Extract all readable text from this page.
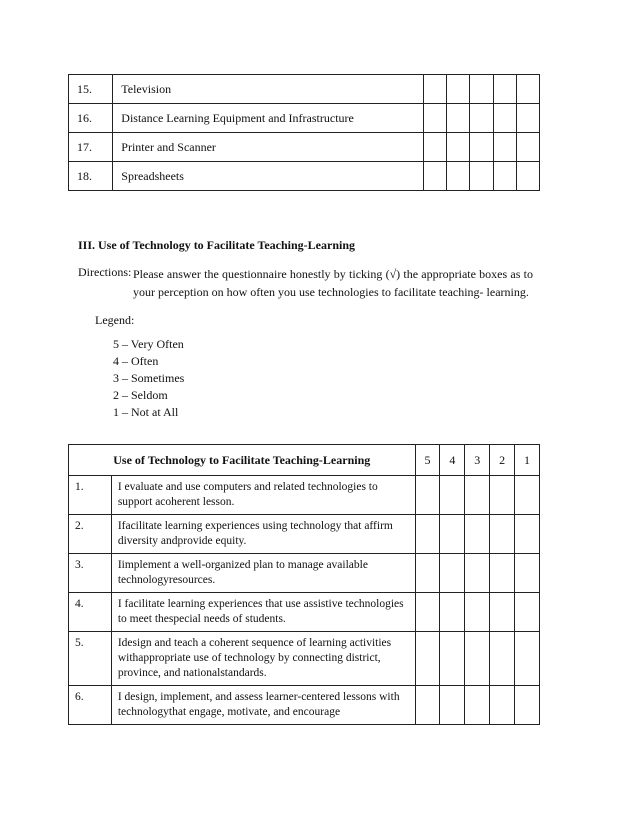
15.	Television					
16.	Distance Learning Equipment and Infrastructure					
17.	Printer and Scanner					
18.	Spreadsheets					
III. Use of Technology to Facilitate Teaching-Learning
Directions: Please answer the questionnaire honestly by ticking (√) the appropriate boxes as to your perception on how often you use technologies to facilitate teaching- learning.
Legend:
5 – Very Often
4 – Often
3 – Sometimes
2 – Seldom
1 – Not at All
Use of Technology to Facilitate Teaching-Learning		5	4	3	2	1
1.	I evaluate and use computers and related technologies to support acoherent lesson.					
2.	Ifacilitate learning experiences using technology that affirm diversity andprovide equity.					
3.	Iimplement a well-organized plan to manage available technologyresources.					
4.	I facilitate learning experiences that use assistive technologies to meet thespecial needs of students.					
5.	Idesign and teach a coherent sequence of learning activities withappropriate use of technology by connecting district, province, and nationalstandards.					
6.	I design, implement, and assess learner-centered lessons with technologythat engage, motivate, and encourage					
